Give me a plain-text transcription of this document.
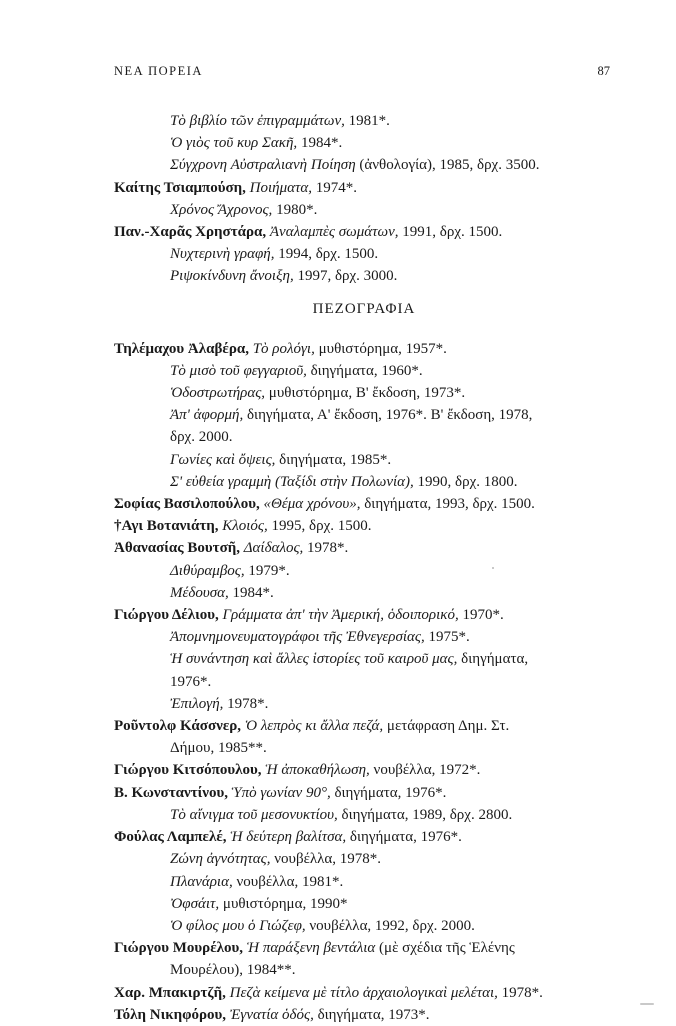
ΝΕΑ ΠΟΡΕΙΑ	87
Τὸ βιβλίο τῶν ἐπιγραμμάτων, 1981*.
Ὁ γιὸς τοῦ κυρ Σακῆ, 1984*.
Σύγχρονη Αὐστραλιανὴ Ποίηση (ἀνθολογία), 1985, δρχ. 3500.
Καίτης Τσιαμπούση, Ποιήματα, 1974*.
Χρόνος Ἄχρονος, 1980*.
Παν.-Χαρᾶς Χρηστάρα, Ἀναλαμπὲς σωμάτων, 1991, δρχ. 1500.
Νυχτερινὴ γραφή, 1994, δρχ. 1500.
Ριψοκίνδυνη ἄνοιξη, 1997, δρχ. 3000.
ΠΕΖΟΓΡΑΦΙΑ
Τηλέμαχου Ἀλαβέρα, Τὸ ρολόγι, μυθιστόρημα, 1957*.
Τὸ μισὸ τοῦ φεγγαριοῦ, διηγήματα, 1960*.
Ὁδοστρωτήρας, μυθιστόρημα, Β' ἔκδοση, 1973*.
Ἀπ' ἀφορμή, διηγήματα, Α' ἔκδοση, 1976*. Β' ἔκδοση, 1978,
δρχ. 2000.
Γωνίες καὶ ὄψεις, διηγήματα, 1985*.
Σ' εὐθεία γραμμὴ (Ταξίδι στὴν Πολωνία), 1990, δρχ. 1800.
Σοφίας Βασιλοπούλου, «Θέμα χρόνου», διηγήματα, 1993, δρχ. 1500.
†Αγι Βοτανιάτη, Κλοιός, 1995, δρχ. 1500.
Ἀθανασίας Βουτσῆ, Δαίδαλος, 1978*.
Διθύραμβος, 1979*.
Μέδουσα, 1984*.
Γιώργου Δέλιου, Γράμματα ἀπ' τὴν Ἀμερική, ὁδοιπορικό, 1970*.
Ἀπομνημονευματογράφοι τῆς Ἐθνεγερσίας, 1975*.
Ἡ συνάντηση καὶ ἄλλες ἱστορίες τοῦ καιροῦ μας, διηγήματα,
1976*.
Ἐπιλογή, 1978*.
Ροῦντολφ Κάσσνερ, Ὁ λεπρὸς κι ἄλλα πεζά, μετάφραση Δημ. Στ.
Δήμου, 1985**.
Γιώργου Κιτσόπουλου, Ἡ ἀποκαθήλωση, νουβέλλα, 1972*.
Β. Κωνσταντίνου, Ὑπὸ γωνίαν 90°, διηγήματα, 1976*.
Τὸ αἴνιγμα τοῦ μεσονυκτίου, διηγήματα, 1989, δρχ. 2800.
Φούλας Λαμπελέ, Ἡ δεύτερη βαλίτσα, διηγήματα, 1976*.
Ζώνη ἀγνότητας, νουβέλλα, 1978*.
Πλανάρια, νουβέλλα, 1981*.
Ὀφσάιτ, μυθιστόρημα, 1990*
Ὁ φίλος μου ὁ Γιώζεφ, νουβέλλα, 1992, δρχ. 2000.
Γιώργου Μουρέλου, Ἡ παράξενη βεντάλια (μὲ σχέδια τῆς Ἑλένης
Μουρέλου), 1984**.
Χαρ. Μπακιρτζῆ, Πεζὰ κείμενα μὲ τίτλο ἀρχαιολογικαὶ μελέται, 1978*.
Τόλη Νικηφόρου, Ἐγνατία ὁδός, διηγήματα, 1973*.
